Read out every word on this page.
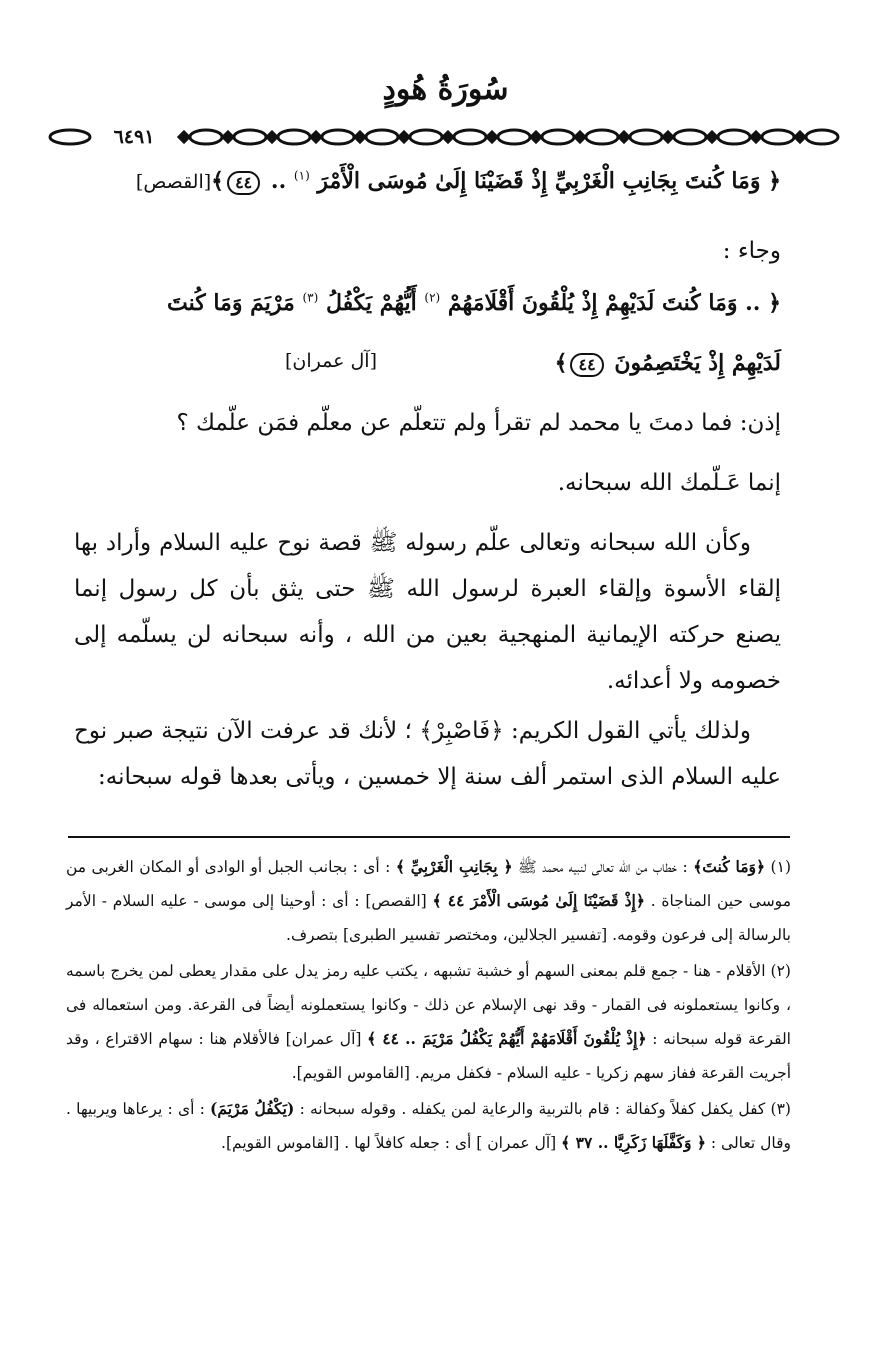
سُورَةُ هُودٍ
٦٤٩١
﴿ وَمَا كُنتَ بِجَانِبِ الْغَرْبِيِّ إِذْ قَضَيْنَا إِلَىٰ مُوسَى الْأَمْرَ $^{(١)}$ .. ٤٤﴾[القصص]
وجاء :
﴿ .. وَمَا كُنتَ لَدَيْهِمْ إِذْ يُلْقُونَ أَقْلَامَهُمْ $^{(٢)}$ أَيُّهُمْ يَكْفُلُ $^{(٣)}$ مَرْيَمَ وَمَا كُنتَ
لَدَيْهِمْ إِذْ يَخْتَصِمُونَ ٤٤﴾
[آل عمران]
إذن: فما دمتَ يا محمد لم تقرأ ولم تتعلّم عن معلّم فمَن علّمك ؟
إنما عَـلّمك الله سبحانه.
وكأن الله سبحانه وتعالى علّم رسوله ﷺ قصة نوح عليه السلام وأراد بها إلقاء الأسوة وإلقاء العبرة لرسول الله ﷺ حتى يثق بأن كل رسول إنما يصنع حركته الإيمانية المنهجية بعين من الله ، وأنه سبحانه لن يسلّمه إلى خصومه ولا أعدائه.
ولذلك يأتي القول الكريم: ﴿فَاصْبِرْ﴾ ؛ لأنك قد عرفت الآن نتيجة صبر نوح عليه السلام الذى استمر ألف سنة إلا خمسين ، ويأتى بعدها قوله سبحانه:

(١) ﴿وَمَا كُنتَ﴾ : خطاب من الله تعالى لنبيه محمد ﷺ ﴿ بِجَانِبِ الْغَرْبِيِّ ﴾ : أى : بجانب الجبل أو الوادى أو المكان الغربى من موسى حين المناجاة . ﴿إِذْ قَضَيْنَا إِلَىٰ مُوسَى الْأَمْرَ ٤٤ ﴾ [القصص] : أى : أوحينا إلى موسى - عليه السلام - الأمر بالرسالة إلى فرعون وقومه. [تفسير الجلالين، ومختصر تفسير الطبرى] بتصرف.

(٢) الأقلام - هنا - جمع قلم بمعنى السهم أو خشبة تشبهه ، يكتب عليه رمز يدل على مقدار يعطى لمن يخرج باسمه ، وكانوا يستعملونه فى القمار - وقد نهى الإسلام عن ذلك - وكانوا يستعملونه أيضاً فى القرعة. ومن استعماله فى القرعة قوله سبحانه : ﴿إِذْ يُلْقُونَ أَقْلَامَهُمْ أَيُّهُمْ يَكْفُلُ مَرْيَمَ .. ٤٤ ﴾ [آل عمران] فالأقلام هنا : سهام الاقتراع ، وقد أجريت القرعة ففاز سهم زكريا - عليه السلام - فكفل مريم. [القاموس القويم].

(٣) كفل يكفل كفلاً وكفالة : قام بالتربية والرعاية لمن يكفله . وقوله سبحانه : (يَكْفُلُ مَرْيَمَ) : أى : يرعاها ويربيها . وقال تعالى : ﴿ وَكَفَّلَهَا زَكَرِيَّا .. ٣٧ ﴾ [آل عمران ] أى : جعله كافلاً لها . [القاموس القويم].
